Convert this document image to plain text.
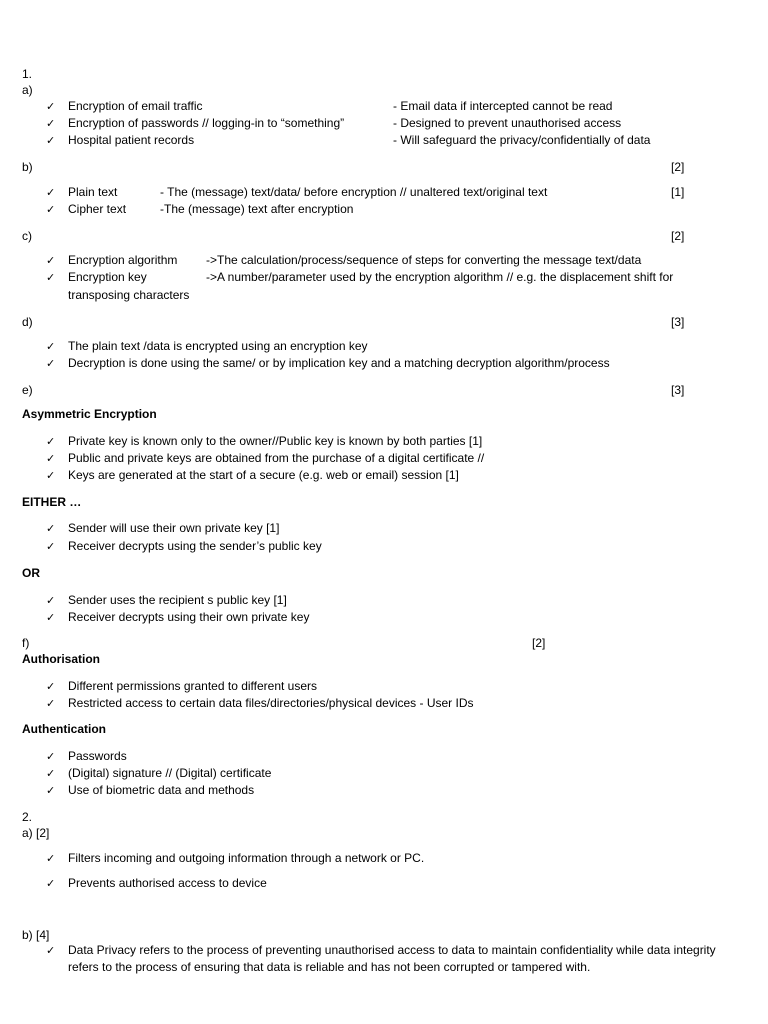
1.
a)
✓ Encryption of email traffic	- Email data if intercepted cannot be read
✓ Encryption of passwords // logging-in to “something”	- Designed to prevent unauthorised access
✓ Hospital patient records	- Will safeguard the privacy/confidentially of data
b)	[2]
✓ Plain text	- The (message) text/data/ before encryption // unaltered text/original text	[1]
✓ Cipher text	-The (message) text after encryption
c)	[2]
✓ Encryption algorithm ->The calculation/process/sequence of steps for converting the message text/data
✓ Encryption key	->A number/parameter used by the encryption algorithm // e.g. the displacement shift for
transposing characters
d)	[3]
✓ The plain text /data is encrypted using an encryption key
✓ Decryption is done using the same/ or by implication key and a matching decryption algorithm/process
e)	[3]
Asymmetric Encryption
✓ Private key is known only to the owner//Public key is known by both parties [1]
✓ Public and private keys are obtained from the purchase of a digital certificate //
✓ Keys are generated at the start of a secure (e.g. web or email) session [1]
EITHER …
✓ Sender will use their own private key [1]
✓ Receiver decrypts using the sender’s public key
OR
✓ Sender uses the recipient s public key [1]
✓ Receiver decrypts using their own private key
f)	[2]
Authorisation
✓ Different permissions granted to different users
✓ Restricted access to certain data files/directories/physical devices - User IDs
Authentication
✓ Passwords
✓ (Digital) signature // (Digital) certificate
✓ Use of biometric data and methods
2.
a) [2]
✓ Filters incoming and outgoing information through a network or PC.
✓ Prevents authorised access to device
b) [4]
✓ Data Privacy refers to the process of preventing unauthorised access to data to maintain confidentiality while data integrity refers to the process of ensuring that data is reliable and has not been corrupted or tampered with.
